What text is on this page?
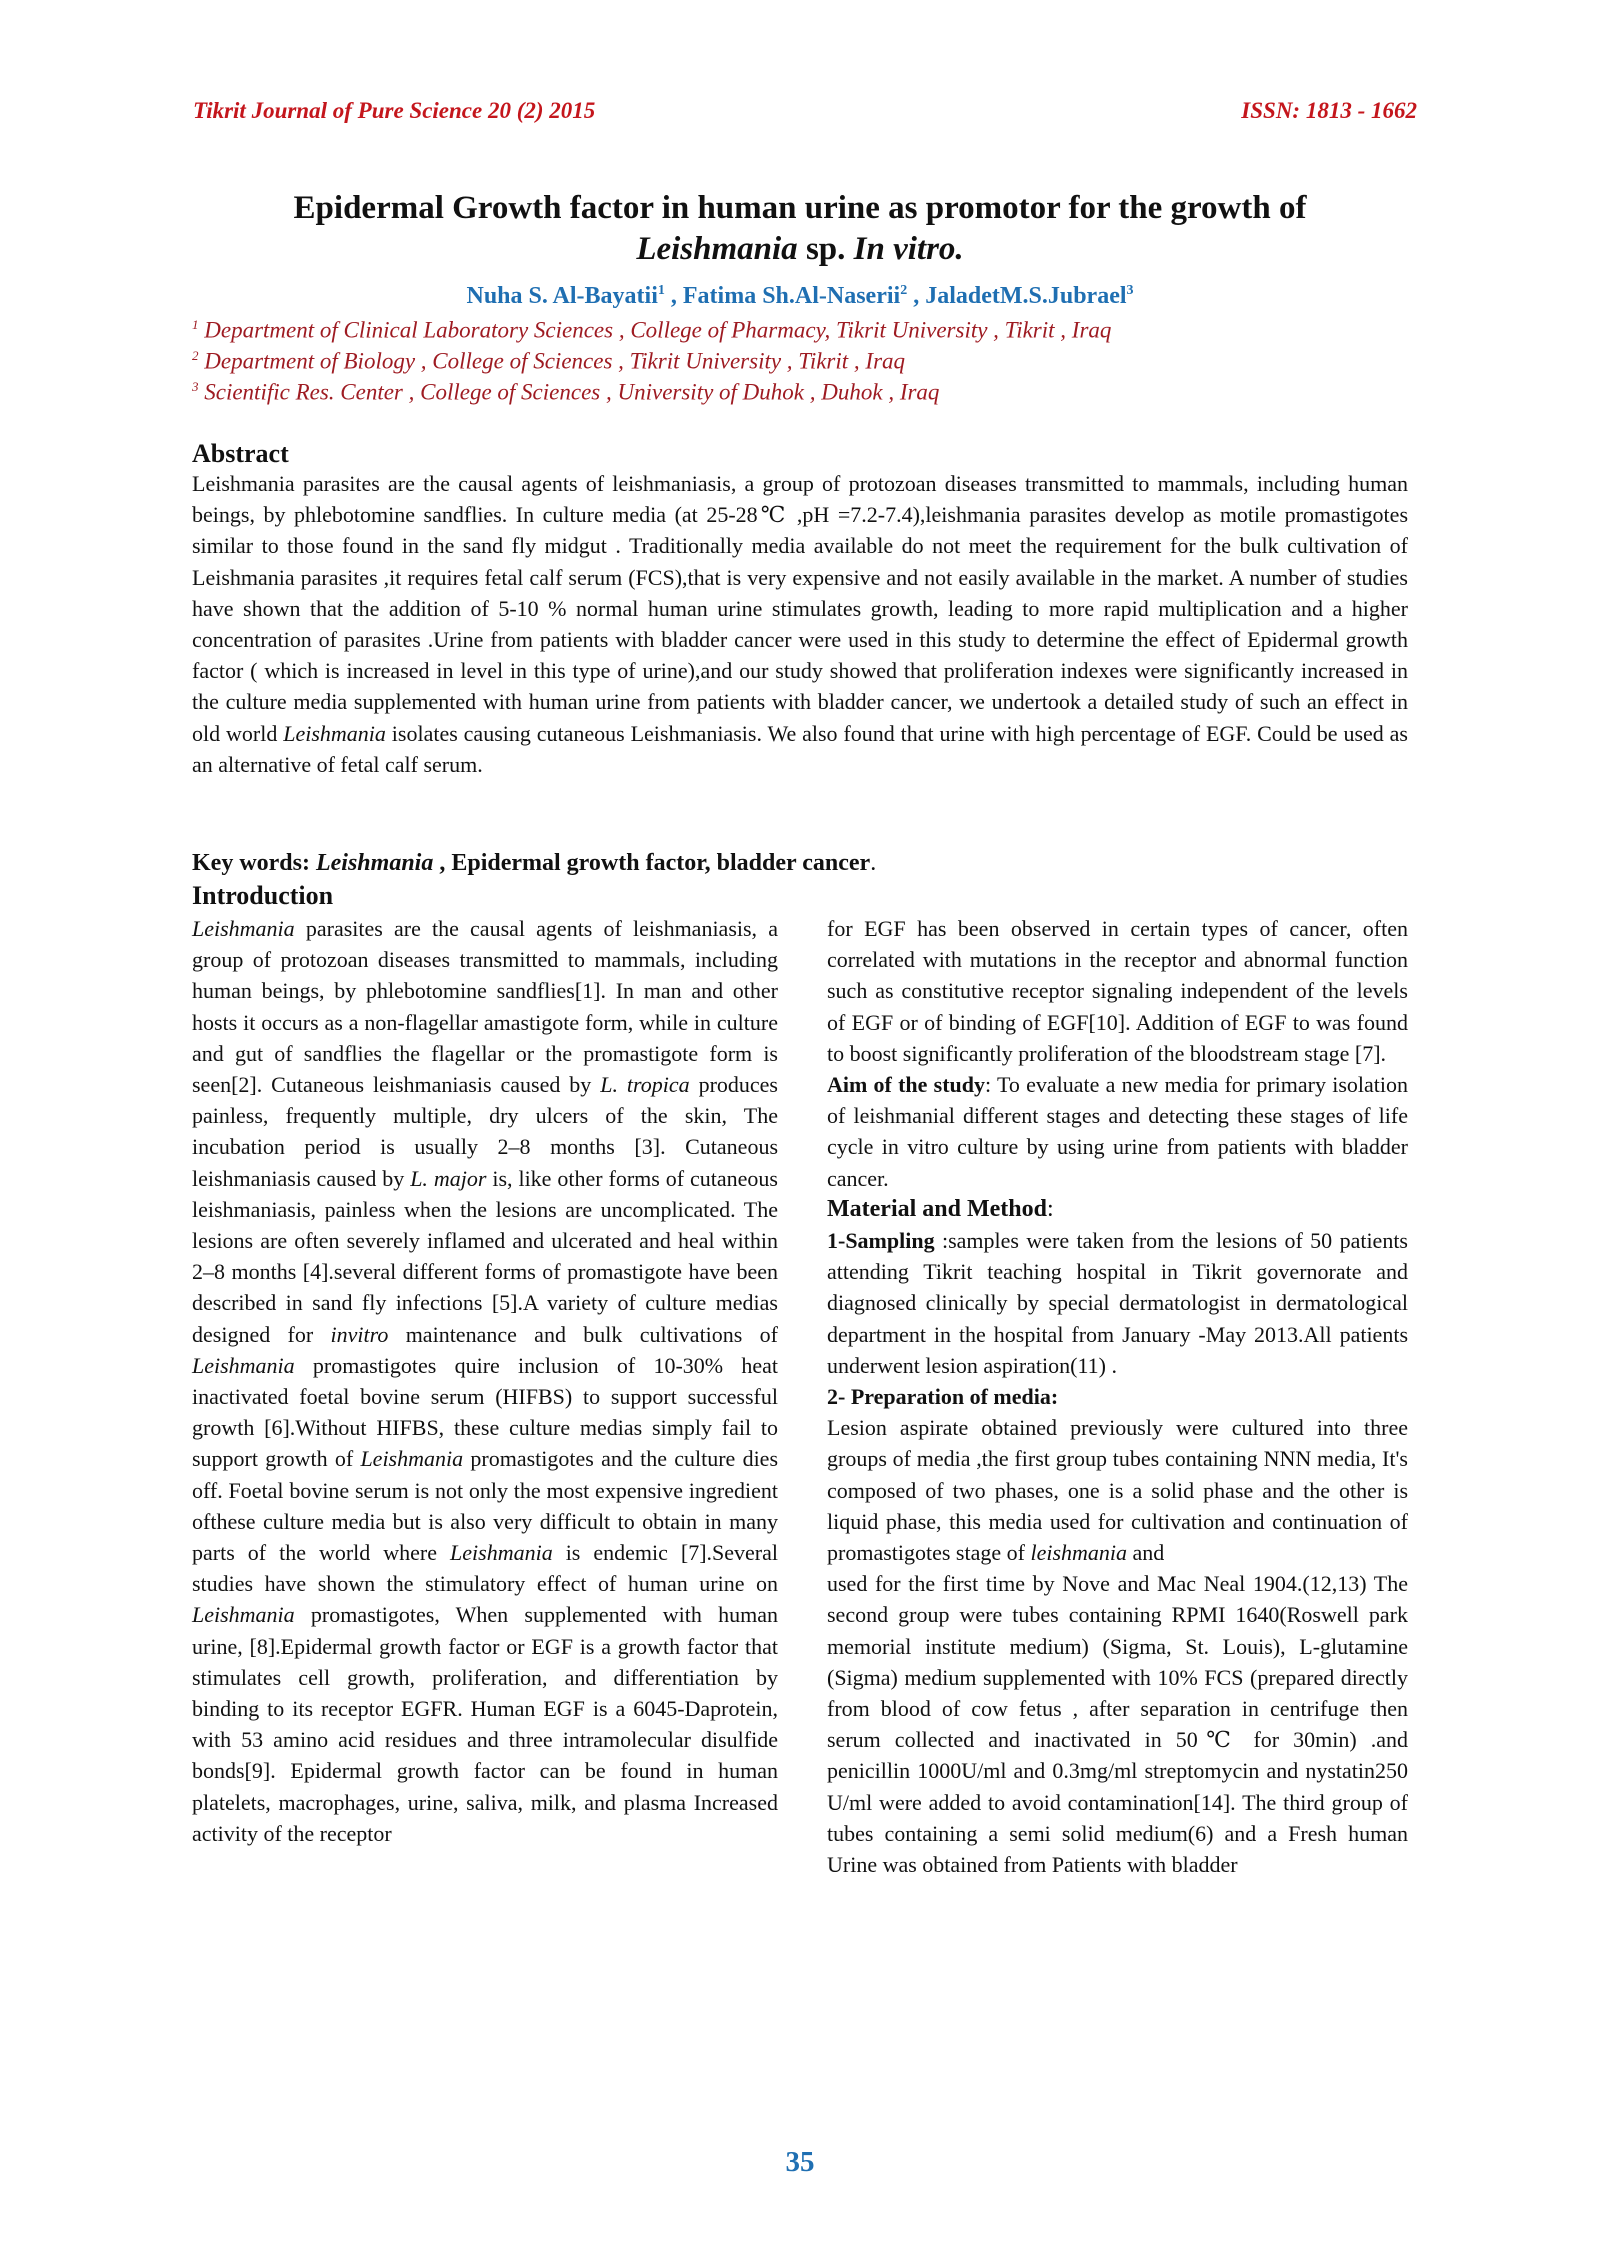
Tikrit Journal of Pure Science 20 (2) 2015	ISSN: 1813 - 1662
Epidermal Growth factor in human urine as promotor for the growth of
Leishmania sp. In vitro.
Nuha S. Al-Bayatii$^1$ , Fatima Sh.Al-Naserii$^2$ , JaladetM.S.Jubrael$^3$
$^1$ Department of Clinical Laboratory Sciences , College of Pharmacy, Tikrit University , Tikrit , Iraq
$^2$ Department of Biology , College of Sciences , Tikrit University , Tikrit , Iraq
$^3$ Scientific Res. Center , College of Sciences , University of Duhok , Duhok , Iraq
Abstract
Leishmania parasites are the causal agents of leishmaniasis, a group of protozoan diseases transmitted to mammals, including human beings, by phlebotomine sandflies. In culture media (at 25-28℃ ,pH =7.2-7.4),leishmania parasites develop as motile promastigotes similar to those found in the sand fly midgut . Traditionally media available do not meet the requirement for the bulk cultivation of Leishmania parasites ,it requires fetal calf serum (FCS),that is very expensive and not easily available in the market. A number of studies have shown that the addition of 5-10 % normal human urine stimulates growth, leading to more rapid multiplication and a higher concentration of parasites .Urine from patients with bladder cancer were used in this study to determine the effect of Epidermal growth factor ( which is increased in level in this type of urine),and our study showed that proliferation indexes were significantly increased in the culture media supplemented with human urine from patients with bladder cancer, we undertook a detailed study of such an effect in old world Leishmania isolates causing cutaneous Leishmaniasis. We also found that urine with high percentage of EGF. Could be used as an alternative of fetal calf serum.
Key words: Leishmania , Epidermal growth factor, bladder cancer.
Introduction

Leishmania parasites are the causal agents of leishmaniasis, a group of protozoan diseases transmitted to mammals, including human beings, by phlebotomine sandflies[1]. In man and other hosts it occurs as a non-flagellar amastigote form, while in culture and gut of sandflies the flagellar or the promastigote form is seen[2]. Cutaneous leishmaniasis caused by L. tropica produces painless, frequently multiple, dry ulcers of the skin, The incubation period is usually 2–8 months [3]. Cutaneous leishmaniasis caused by L. major is, like other forms of cutaneous leishmaniasis, painless when the lesions are uncomplicated. The lesions are often severely inflamed and ulcerated and heal within 2–8 months [4].several different forms of promastigote have been described in sand fly infections [5].A variety of culture medias designed for invitro maintenance and bulk cultivations of Leishmania promastigotes quire inclusion of 10-30% heat inactivated foetal bovine serum (HIFBS) to support successful growth [6].Without HIFBS, these culture medias simply fail to support growth of Leishmania promastigotes and the culture dies off. Foetal bovine serum is not only the most expensive ingredient ofthese culture media but is also very difficult to obtain in many parts of the world where Leishmania is endemic [7].Several studies have shown the stimulatory effect of human urine on Leishmania promastigotes, When supplemented with human urine, [8].Epidermal growth factor or EGF is a growth factor that stimulates cell growth, proliferation, and differentiation by binding to its receptor EGFR. Human EGF is a 6045-Daprotein, with 53 amino acid residues and three intramolecular disulfide bonds[9]. Epidermal growth factor can be found in human platelets, macrophages, urine, saliva, milk, and plasma Increased activity of the receptor

for EGF has been observed in certain types of cancer, often correlated with mutations in the receptor and abnormal function such as constitutive receptor signaling independent of the levels of EGF or of binding of EGF[10]. Addition of EGF to was found to boost significantly proliferation of the bloodstream stage [7].

Aim of the study: To evaluate a new media for primary isolation of leishmanial different stages and detecting these stages of life cycle in vitro culture by using urine from patients with bladder cancer.

Material and Method:

1-Sampling :samples were taken from the lesions of 50 patients attending Tikrit teaching hospital in Tikrit governorate and diagnosed clinically by special dermatologist in dermatological department in the hospital from January -May 2013.All patients underwent lesion aspiration(11) .

2- Preparation of media:

Lesion aspirate obtained previously were cultured into three groups of media ,the first group tubes containing NNN media, It's composed of two phases, one is a solid phase and the other is liquid phase, this media used for cultivation and continuation of promastigotes stage of leishmania and

used for the first time by Nove and Mac Neal 1904.(12,13) The second group were tubes containing RPMI 1640(Roswell park memorial institute medium) (Sigma, St. Louis), L-glutamine (Sigma) medium supplemented with 10% FCS (prepared directly from blood of cow fetus , after separation in centrifuge then serum collected and inactivated in 50℃ for 30min) .and penicillin 1000U/ml and 0.3mg/ml streptomycin and nystatin250 U/ml were added to avoid contamination[14]. The third group of tubes containing a semi solid medium(6) and a Fresh human Urine was obtained from Patients with bladder

35
